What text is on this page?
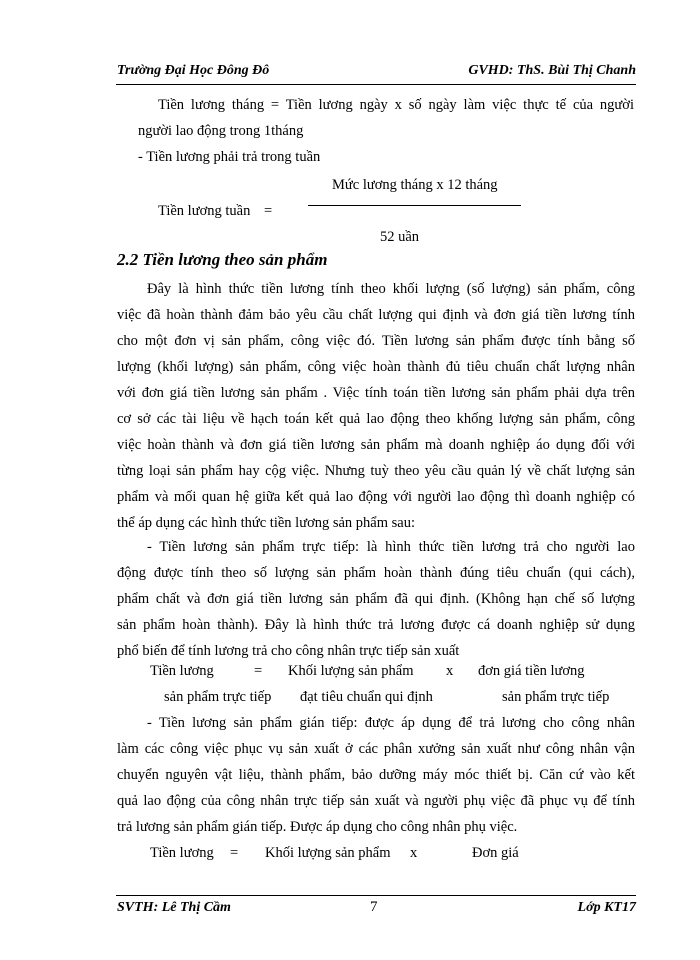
Trường Đại Học Đông Đô	GVHD: ThS. Bùi Thị Chanh
Tiền lương tháng = Tiền lương ngày x số ngày làm việc thực tế của người
người lao động trong 1tháng
- Tiền lương phải trả trong tuần
Mức lương tháng x 12 tháng
Tiền lương tuần =
52 uần
2.2 Tiền lương theo sản phẩm
Đây là hình thức tiền lương tính theo khối lượng (số lượng) sản phẩm, công
việc đã hoàn thành đảm bảo yêu cầu chất lượng qui định và đơn giá tiền lương tính
cho một đơn vị sản phẩm, công việc đó. Tiền lương sản phẩm được tính bằng số
lượng (khối lượng) sản phẩm, công việc hoàn thành đủ tiêu chuẩn chất lượng nhân
với đơn giá tiền lương sản phẩm . Việc tính toán tiền lương sản phẩm phải dựa trên
cơ sở các tài liệu về hạch toán kết quả lao động theo khống lượng sản phẩm, công
việc hoàn thành và đơn giá tiền lương sản phẩm mà doanh nghiệp áo dụng đối với
từng loại sản phẩm hay cộg việc. Nhưng tuỳ theo yêu cầu quản lý về chất lượng sản
phẩm và mối quan hệ giữa kết quả lao động với người lao động thì doanh nghiệp có
thể áp dụng các hình thức tiền lương sản phẩm sau:
- Tiền lương sản phẩm trực tiếp: là hình thức tiền lương trả cho người lao
động được tính theo số lượng sản phẩm hoàn thành đúng tiêu chuẩn (qui cách),
phẩm chất và đơn giá tiền lương sản phẩm đã qui định. (Không hạn chế số lượng
sản phẩm hoàn thành). Đây là hình thức trả lương được cá doanh nghiệp sử dụng
phổ biến để tính lương trả cho công nhân trực tiếp sản xuất
Tiền lương	= Khối lượng sản phẩm x đơn giá tiền lương
sản phẩm trực tiếp đạt tiêu chuẩn qui định	sản phẩm trực tiếp
- Tiền lương sản phẩm gián tiếp: được áp dụng để trả lương cho công nhân
làm các công việc phục vụ sản xuất ở các phân xưởng sản xuất như công nhân vận
chuyển nguyên vật liệu, thành phẩm, bảo dưỡng máy móc thiết bị. Căn cứ vào kết
quả lao động của công nhân trực tiếp sản xuất và người phụ việc đã phục vụ để tính
trả lương sản phẩm gián tiếp. Được áp dụng cho công nhân phụ việc.
Tiền lương = Khối lượng sản phẩm x	Đơn giá
SVTH: Lê Thị Cầm	7	Lớp KT17
